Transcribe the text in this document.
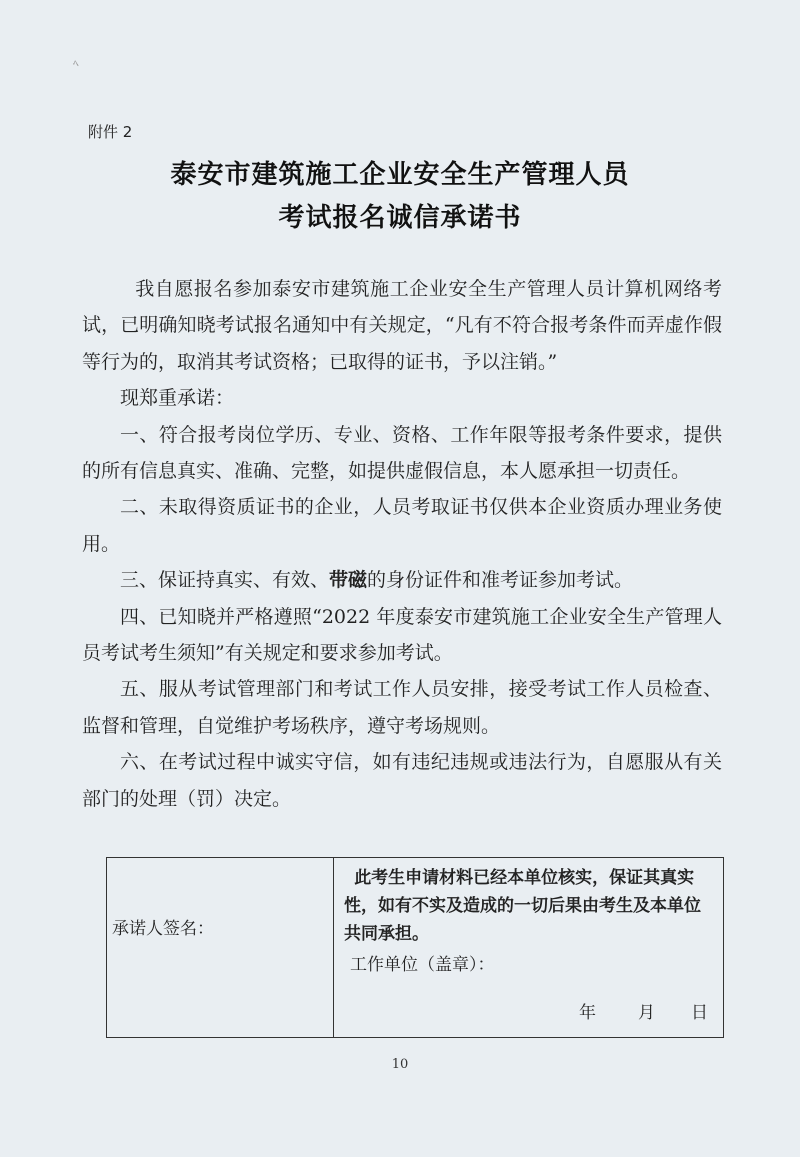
ﾍ
附件 2
泰安市建筑施工企业安全生产管理人员
考试报名诚信承诺书

我自愿报名参加泰安市建筑施工企业安全生产管理人员计算机网络考试，已明确知晓考试报名通知中有关规定，“凡有不符合报考条件而弄虚作假等行为的，取消其考试资格；已取得的证书，予以注销。”

现郑重承诺：

一、符合报考岗位学历、专业、资格、工作年限等报考条件要求，提供的所有信息真实、准确、完整，如提供虚假信息，本人愿承担一切责任。

二、未取得资质证书的企业，人员考取证书仅供本企业资质办理业务使用。

三、保证持真实、有效、带磁的身份证件和准考证参加考试。

四、已知晓并严格遵照“2022 年度泰安市建筑施工企业安全生产管理人员考试考生须知”有关规定和要求参加考试。

五、服从考试管理部门和考试工作人员安排，接受考试工作人员检查、监督和管理，自觉维护考场秩序，遵守考场规则。

六、在考试过程中诚实守信，如有违纪违规或违法行为，自愿服从有关部门的处理（罚）决定。

承诺人签名：
此考生申请材料已经本单位核实，保证其真实性，如有不实及造成的一切后果由考生及本单位共同承担。
工作单位（盖章）：
年 月 日
10
